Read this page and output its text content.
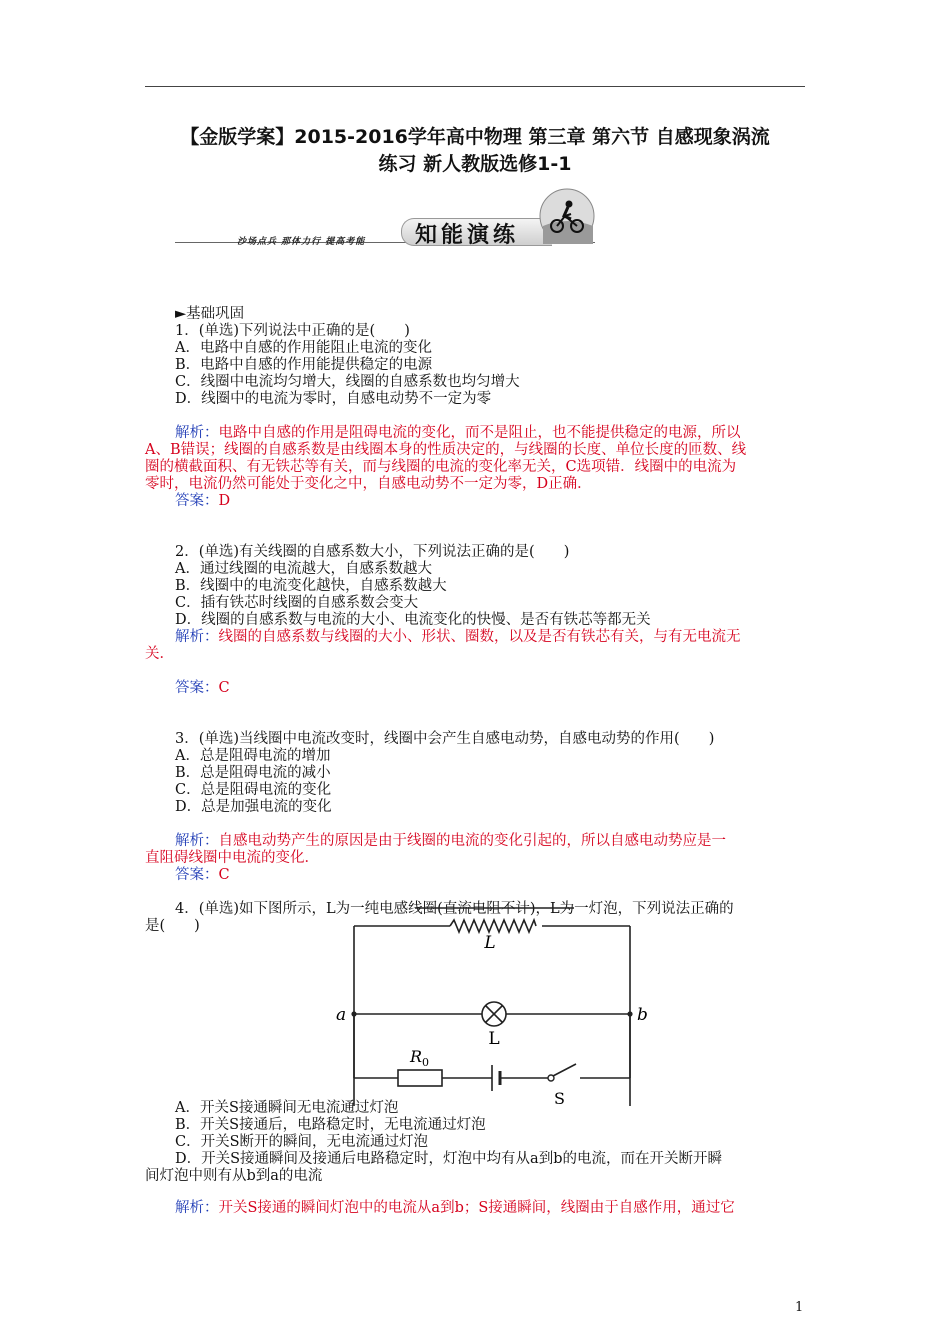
【金版学案】2015-2016学年高中物理 第三章 第六节 自感现象涡流
练习 新人教版选修1-1
沙场点兵 那体力行 提高考能 知能演练
►基础巩固
1．(单选)下列说法中正确的是(　　)
A．电路中自感的作用能阻止电流的变化
B．电路中自感的作用能提供稳定的电源
C．线圈中电流均匀增大，线圈的自感系数也均匀增大
D．线圈中的电流为零时，自感电动势不一定为零
解析：电路中自感的作用是阻碍电流的变化，而不是阻止，也不能提供稳定的电源，所以
A、B错误；线圈的自感系数是由线圈本身的性质决定的，与线圈的长度、单位长度的匝数、线
圈的横截面积、有无铁芯等有关，而与线圈的电流的变化率无关，C选项错．线圈中的电流为
零时，电流仍然可能处于变化之中，自感电动势不一定为零，D正确．
答案：D
2．(单选)有关线圈的自感系数大小，下列说法正确的是(　　)
A．通过线圈的电流越大，自感系数越大
B．线圈中的电流变化越快，自感系数越大
C．插有铁芯时线圈的自感系数会变大
D．线圈的自感系数与电流的大小、电流变化的快慢、是否有铁芯等都无关
解析：线圈的自感系数与线圈的大小、形状、圈数，以及是否有铁芯有关，与有无电流无
关．
答案：C
3．(单选)当线圈中电流改变时，线圈中会产生自感电动势，自感电动势的作用(　　)
A．总是阻碍电流的增加
B．总是阻碍电流的减小
C．总是阻碍电流的变化
D．总是加强电流的变化
解析：自感电动势产生的原因是由于线圈的电流的变化引起的，所以自感电动势应是一
直阻碍线圈中电流的变化．
答案：C
4．(单选)如下图所示，L为一纯电感线圈(直流电阻不计)，L为一灯泡，下列说法正确的
是(　　)
L
L
a	b
$R_0$
S
A．开关S接通瞬间无电流通过灯泡
B．开关S接通后，电路稳定时，无电流通过灯泡
C．开关S断开的瞬间，无电流通过灯泡
D．开关S接通瞬间及接通后电路稳定时，灯泡中均有从a到b的电流，而在开关断开瞬
间灯泡中则有从b到a的电流
解析：开关S接通的瞬间灯泡中的电流从a到b；S接通瞬间，线圈由于自感作用，通过它
1
